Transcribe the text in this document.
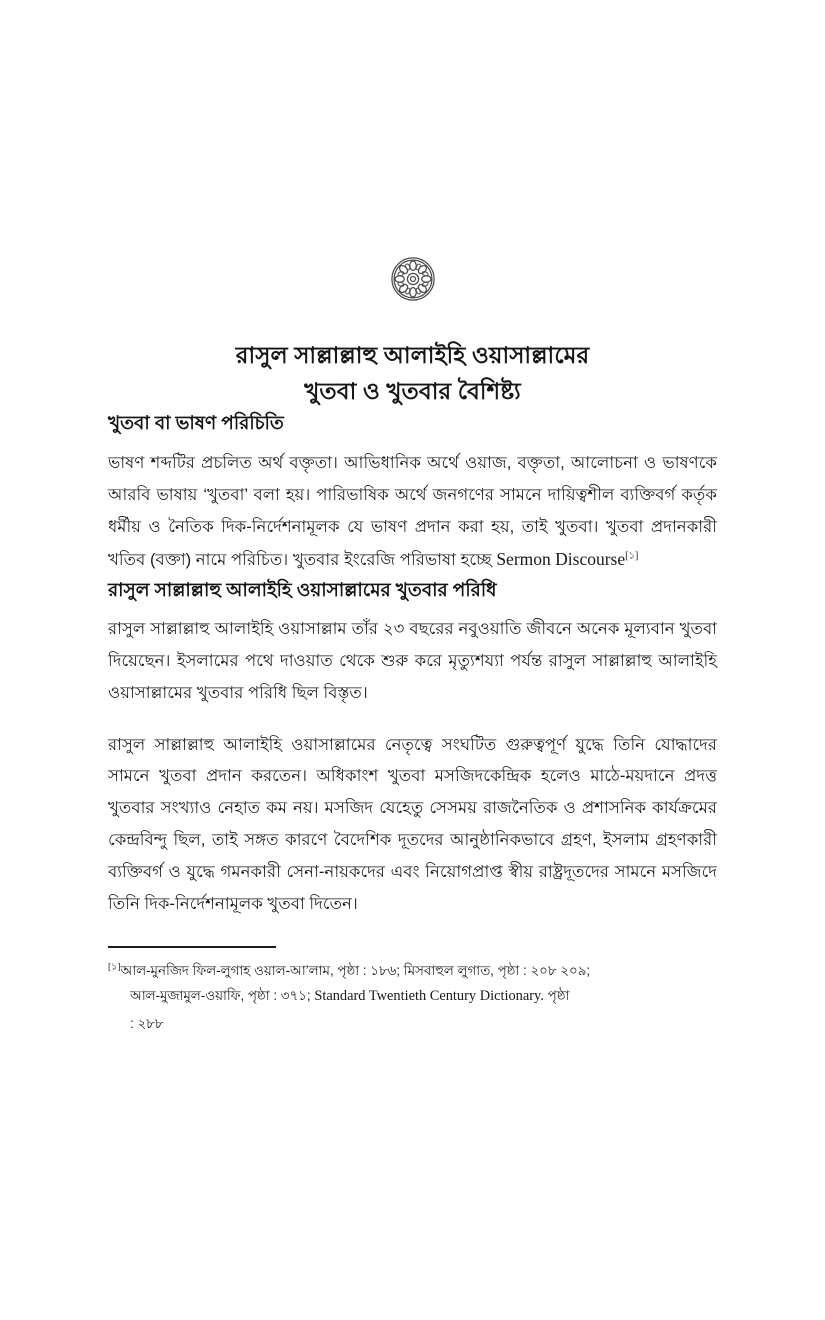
রাসুল সাল্লাল্লাহু আলাইহি ওয়াসাল্লামের
খুতবা ও খুতবার বৈশিষ্ট্য
খুতবা বা ভাষণ পরিচিতি

ভাষণ শব্দটির প্রচলিত অর্থ বক্তৃতা। আভিধানিক অর্থে ওয়াজ, বক্তৃতা, আলোচনা ও ভাষণকে আরবি ভাষায় ‘খুতবা’ বলা হয়। পারিভাষিক অর্থে জনগণের সামনে দায়িত্বশীল ব্যক্তিবর্গ কর্তৃক ধর্মীয় ও নৈতিক দিক-নির্দেশনামূলক যে ভাষণ প্রদান করা হয়, তাই খুতবা। খুতবা প্রদানকারী খতিব (বক্তা) নামে পরিচিত। খুতবার ইংরেজি পরিভাষা হচ্ছে Sermon Discourse[১]

রাসুল সাল্লাল্লাহু আলাইহি ওয়াসাল্লামের খুতবার পরিধি

রাসুল সাল্লাল্লাহু আলাইহি ওয়াসাল্লাম তাঁর ২৩ বছরের নবুওয়াতি জীবনে অনেক মূল্যবান খুতবা দিয়েছেন। ইসলামের পথে দাওয়াত থেকে শুরু করে মৃত্যুশয্যা পর্যন্ত রাসুল সাল্লাল্লাহু আলাইহি ওয়াসাল্লামের খুতবার পরিধি ছিল বিস্তৃত।

রাসুল সাল্লাল্লাহু আলাইহি ওয়াসাল্লামের নেতৃত্বে সংঘটিত গুরুত্বপূর্ণ যুদ্ধে তিনি যোদ্ধাদের সামনে খুতবা প্রদান করতেন। অধিকাংশ খুতবা মসজিদকেন্দ্রিক হলেও মাঠে-ময়দানে প্রদত্ত খুতবার সংখ্যাও নেহাত কম নয়। মসজিদ যেহেতু সেসময় রাজনৈতিক ও প্রশাসনিক কার্যক্রমের কেন্দ্রবিন্দু ছিল, তাই সঙ্গত কারণে বৈদেশিক দূতদের আনুষ্ঠানিকভাবে গ্রহণ, ইসলাম গ্রহণকারী ব্যক্তিবর্গ ও যুদ্ধে গমনকারী সেনা-নায়কদের এবং নিয়োগপ্রাপ্ত স্বীয় রাষ্ট্রদূতদের সামনে মসজিদে তিনি দিক-নির্দেশনামূলক খুতবা দিতেন।

[১]আল-মুনজিদ ফিল-লুগাহ ওয়াল-আ’লাম, পৃষ্ঠা : ১৮৬; মিসবাহুল লুগাত, পৃষ্ঠা : ২০৮ ২০৯;
আল-মুজামুল-ওয়াফি, পৃষ্ঠা : ৩৭১; Standard Twentieth Century Dictionary. পৃষ্ঠা
: ২৮৮
